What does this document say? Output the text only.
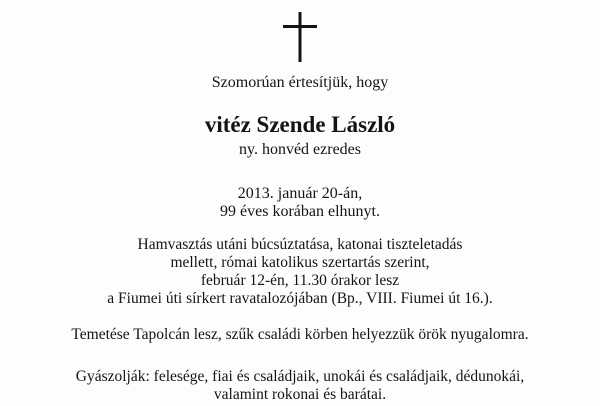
Szomorúan értesítjük, hogy
vitéz Szende László
ny. honvéd ezredes
2013. január 20-án,
99 éves korában elhunyt.
Hamvasztás utáni búcsúztatása, katonai tiszteletadás
mellett, római katolikus szertartás szerint,
február 12-én, 11.30 órakor lesz
a Fiumei úti sírkert ravatalozójában (Bp., VIII. Fiumei út 16.).
Temetése Tapolcán lesz, szűk családi körben helyezzük örök nyugalomra.
Gyászolják: felesége, fiai és családjaik, unokái és családjaik, dédunokái,
valamint rokonai és barátai.
